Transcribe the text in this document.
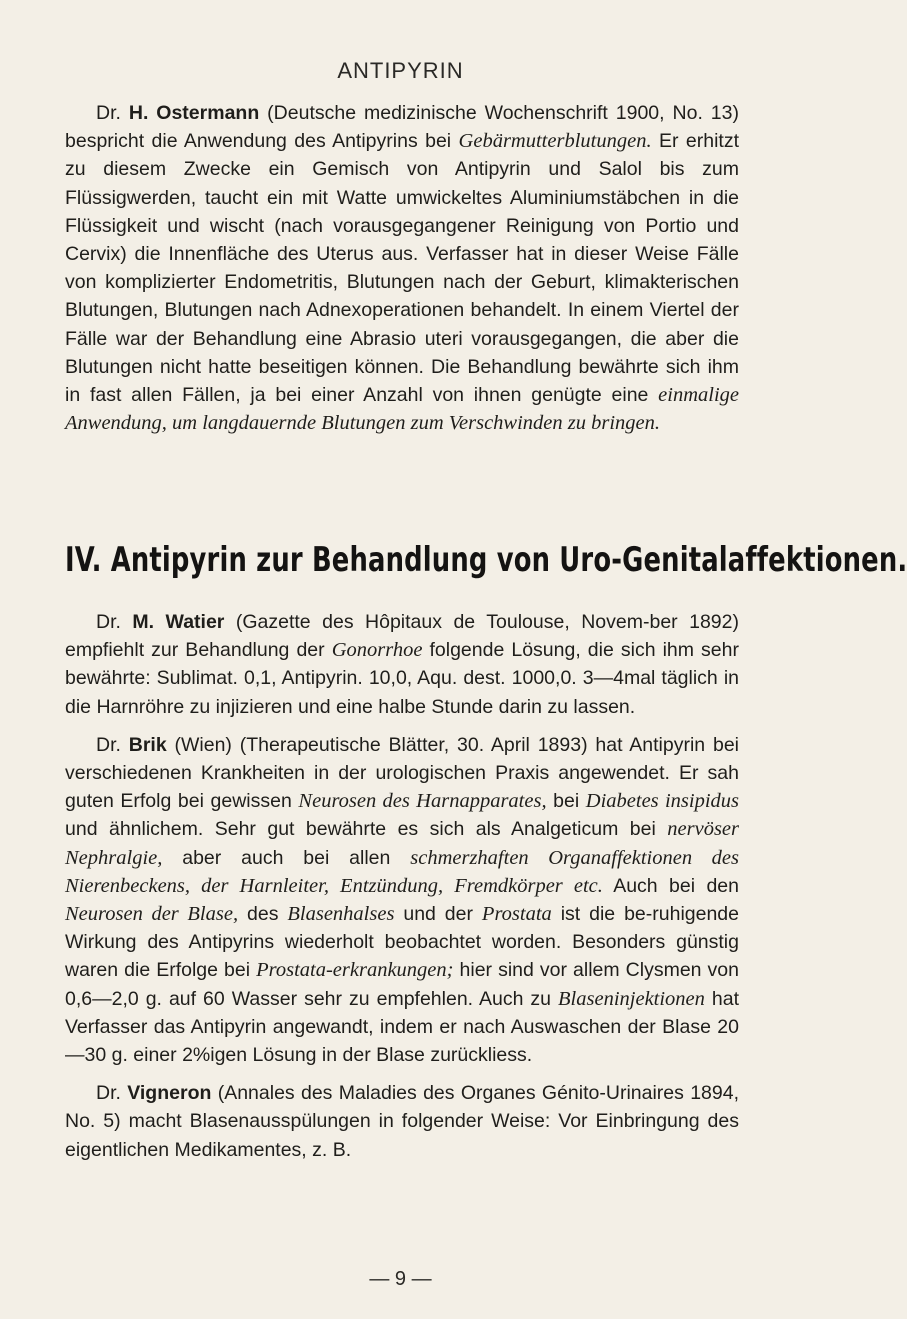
ANTIPYRIN

Dr. H. Ostermann (Deutsche medizinische Wochenschrift 1900, No. 13) bespricht die Anwendung des Antipyrins bei Gebärmutterblutungen. Er erhitzt zu diesem Zwecke ein Gemisch von Antipyrin und Salol bis zum Flüssigwerden, taucht ein mit Watte umwickeltes Aluminiumstäbchen in die Flüssigkeit und wischt (nach vorausgegangener Reinigung von Portio und Cervix) die Innenfläche des Uterus aus. Verfasser hat in dieser Weise Fälle von komplizierter Endometritis, Blutungen nach der Geburt, klimakterischen Blutungen, Blutungen nach Adnexoperationen behandelt. In einem Viertel der Fälle war der Behandlung eine Abrasio uteri vorausgegangen, die aber die Blutungen nicht hatte beseitigen können. Die Behandlung bewährte sich ihm in fast allen Fällen, ja bei einer Anzahl von ihnen genügte eine einmalige Anwendung, um langdauernde Blutungen zum Verschwinden zu bringen.

IV. Antipyrin zur Behandlung von Uro-Genitalaffektionen.

Dr. M. Watier (Gazette des Hôpitaux de Toulouse, Novem-ber 1892) empfiehlt zur Behandlung der Gonorrhoe folgende Lösung, die sich ihm sehr bewährte: Sublimat. 0,1, Antipyrin. 10,0, Aqu. dest. 1000,0. 3—4mal täglich in die Harnröhre zu injizieren und eine halbe Stunde darin zu lassen.

Dr. Brik (Wien) (Therapeutische Blätter, 30. April 1893) hat Antipyrin bei verschiedenen Krankheiten in der urologischen Praxis angewendet. Er sah guten Erfolg bei gewissen Neurosen des Harnapparates, bei Diabetes insipidus und ähnlichem. Sehr gut bewährte es sich als Analgeticum bei nervöser Nephralgie, aber auch bei allen schmerzhaften Organaffektionen des Nierenbeckens, der Harnleiter, Entzündung, Fremdkörper etc. Auch bei den Neurosen der Blase, des Blasenhalses und der Prostata ist die be-ruhigende Wirkung des Antipyrins wiederholt beobachtet worden. Besonders günstig waren die Erfolge bei Prostata-erkrankungen; hier sind vor allem Clysmen von 0,6—2,0 g. auf 60 Wasser sehr zu empfehlen. Auch zu Blaseninjektionen hat Verfasser das Antipyrin angewandt, indem er nach Auswaschen der Blase 20—30 g. einer 2%igen Lösung in der Blase zurückliess.

Dr. Vigneron (Annales des Maladies des Organes Génito-Urinaires 1894, No. 5) macht Blasenausspülungen in folgender Weise: Vor Einbringung des eigentlichen Medikamentes, z. B.

— 9 —
